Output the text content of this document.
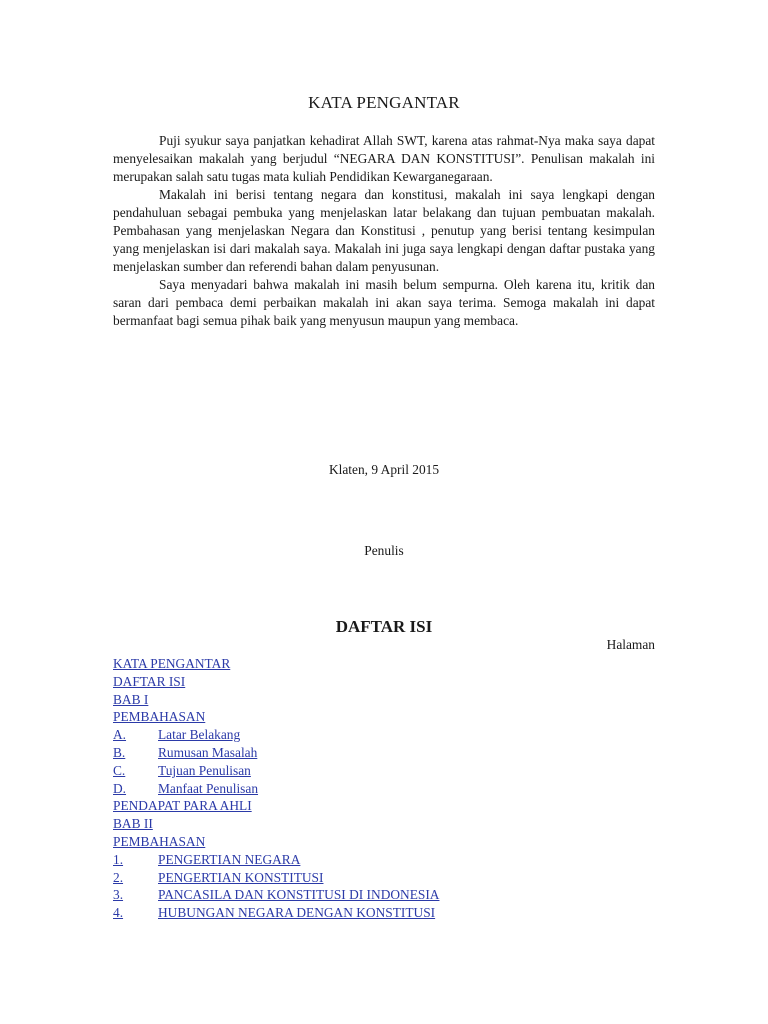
KATA PENGANTAR

Puji syukur saya panjatkan kehadirat Allah SWT, karena atas rahmat-Nya maka saya dapat menyelesaikan makalah yang berjudul “NEGARA DAN KONSTITUSI”. Penulisan makalah ini merupakan salah satu tugas mata kuliah Pendidikan Kewarganegaraan.

Makalah ini berisi tentang negara dan konstitusi, makalah ini saya lengkapi dengan pendahuluan sebagai pembuka yang menjelaskan latar belakang dan tujuan pembuatan makalah. Pembahasan yang menjelaskan Negara dan Konstitusi , penutup yang berisi tentang kesimpulan yang menjelaskan isi dari makalah saya. Makalah ini juga saya lengkapi dengan daftar pustaka yang menjelaskan sumber dan referendi bahan dalam penyusunan.

Saya menyadari bahwa makalah ini masih belum sempurna. Oleh karena itu, kritik dan saran dari pembaca demi perbaikan makalah ini akan saya terima. Semoga makalah ini dapat bermanfaat bagi semua pihak baik yang menyusun maupun yang membaca.

Klaten, 9 April 2015
Penulis
DAFTAR ISI
Halaman
KATA PENGANTAR
DAFTAR ISI
BAB I
PEMBAHASAN
A.	Latar Belakang
B.	Rumusan Masalah
C.	Tujuan Penulisan
D.	Manfaat Penulisan
PENDAPAT PARA AHLI
BAB II
PEMBAHASAN
1.	PENGERTIAN NEGARA
2.	PENGERTIAN KONSTITUSI
3.	PANCASILA DAN KONSTITUSI DI INDONESIA
4.	HUBUNGAN NEGARA DENGAN KONSTITUSI
